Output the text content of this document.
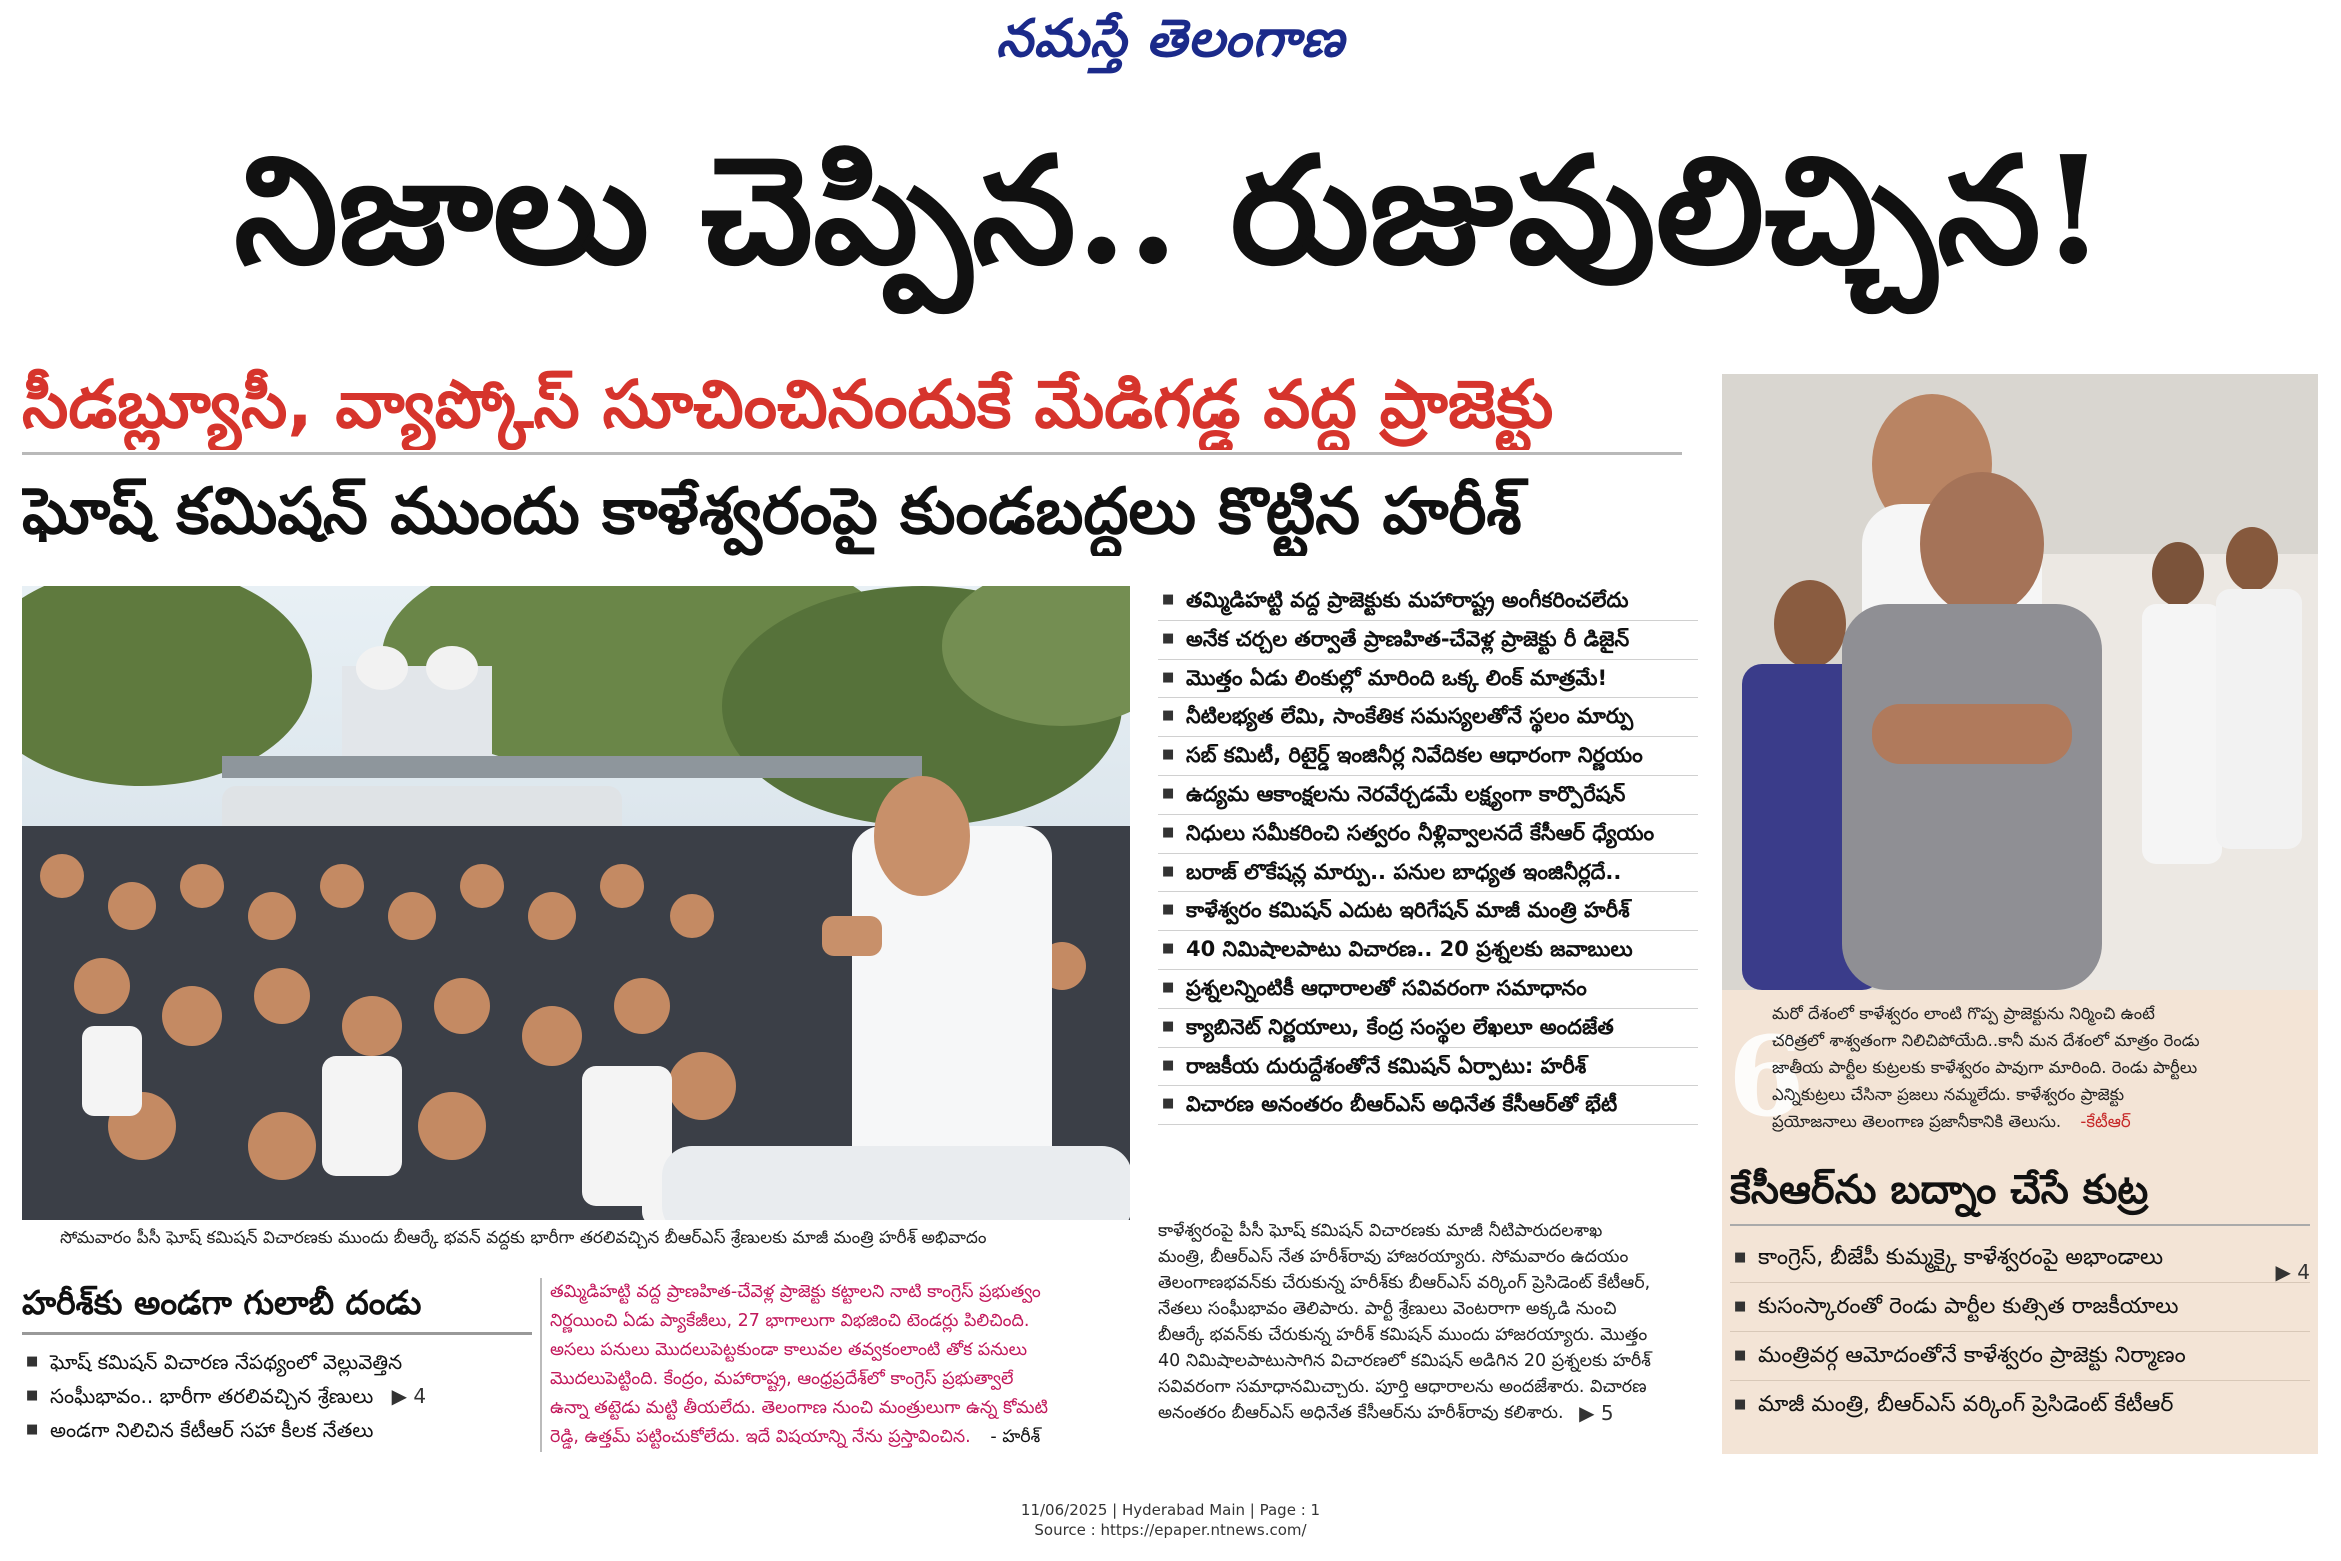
నమస్తే తెలంగాణ
నిజాలు చెప్పిన.. రుజువులిచ్చిన!
సీడబ్ల్యూసీ, వ్యాప్కోస్ సూచించినందుకే మేడిగడ్డ వద్ద ప్రాజెక్టు
ఘోష్ కమిషన్ ముందు కాళేశ్వరంపై కుండబద్దలు కొట్టిన హరీశ్
సోమవారం పీసీ ఘోష్ కమిషన్ విచారణకు ముందు బీఆర్కే భవన్ వద్దకు భారీగా తరలివచ్చిన బీఆర్ఎస్ శ్రేణులకు మాజీ మంత్రి హరీశ్ అభివాదం
■ తమ్మిడిహట్టి వద్ద ప్రాజెక్టుకు మహారాష్ట్ర అంగీకరించలేదు
■ అనేక చర్చల తర్వాతే ప్రాణహిత-చేవెళ్ల ప్రాజెక్టు రీ డిజైన్
■ మొత్తం ఏడు లింకుల్లో మారింది ఒక్క లింక్ మాత్రమే!
■ నీటిలభ్యత లేమి, సాంకేతిక సమస్యలతోనే స్థలం మార్పు
■ సబ్ కమిటీ, రిటైర్డ్ ఇంజినీర్ల నివేదికల ఆధారంగా నిర్ణయం
■ ఉద్యమ ఆకాంక్షలను నెరవేర్చడమే లక్ష్యంగా కార్పొరేషన్
■ నిధులు సమీకరించి సత్వరం నీళ్లివ్వాలనదే కేసీఆర్ ధ్యేయం
■ బరాజ్ లొకేషన్ల మార్పు.. పనుల బాధ్యత ఇంజినీర్లదే..
■ కాళేశ్వరం కమిషన్ ఎదుట ఇరిగేషన్ మాజీ మంత్రి హరీశ్
■ 40 నిమిషాలపాటు విచారణ.. 20 ప్రశ్నలకు జవాబులు
■ ప్రశ్నలన్నింటికీ ఆధారాలతో సవివరంగా సమాధానం
■ క్యాబినెట్ నిర్ణయాలు, కేంద్ర సంస్థల లేఖలూ అందజేత
■ రాజకీయ దురుద్దేశంతోనే కమిషన్ ఏర్పాటు: హరీశ్
■ విచారణ అనంతరం బీఆర్ఎస్ అధినేత కేసీఆర్‌తో భేటీ
కాళేశ్వరంపై పీసీ ఘోష్ కమిషన్ విచారణకు మాజీ నీటిపారుదలశాఖ
మంత్రి, బీఆర్ఎస్ నేత హరీశ్‌రావు హాజరయ్యారు. సోమవారం ఉదయం
తెలంగాణభవన్‌కు చేరుకున్న హరీశ్‌కు బీఆర్ఎస్ వర్కింగ్ ప్రెసిడెంట్ కేటీఆర్,
నేతలు సంఘీభావం తెలిపారు. పార్టీ శ్రేణులు వెంటరాగా అక్కడి నుంచి
బీఆర్కే భవన్‌కు చేరుకున్న హరీశ్ కమిషన్ ముందు హాజరయ్యారు. మొత్తం
40 నిమిషాలపాటుసాగిన విచారణలో కమిషన్ అడిగిన 20 ప్రశ్నలకు హరీశ్
సవివరంగా సమాధానమిచ్చారు. పూర్తి ఆధారాలను అందజేశారు. విచారణ
అనంతరం బీఆర్ఎస్ అధినేత కేసీఆర్‌ను హరీశ్‌రావు కలిశారు. ▶ 5
హరీశ్‌కు అండగా గులాబీ దండు
■ ఘోష్ కమిషన్ విచారణ నేపథ్యంలో వెల్లువెత్తిన
■ సంఘీభావం.. భారీగా తరలివచ్చిన శ్రేణులు ▶ 4
■ అండగా నిలిచిన కేటీఆర్ సహా కీలక నేతలు
తమ్మిడిహట్టి వద్ద ప్రాణహిత-చేవెళ్ల ప్రాజెక్టు కట్టాలని నాటి కాంగ్రెస్ ప్రభుత్వం
నిర్ణయించి ఏడు ప్యాకేజీలు, 27 భాగాలుగా విభజించి టెండర్లు పిలిచింది.
అసలు పనులు మొదలుపెట్టకుండా కాలువల తవ్వకంలాంటి తోక పనులు
మొదలుపెట్టింది. కేంద్రం, మహారాష్ట్ర, ఆంధ్రప్రదేశ్‌లో కాంగ్రెస్ ప్రభుత్వాలే
ఉన్నా తట్టెడు మట్టి తీయలేదు. తెలంగాణ నుంచి మంత్రులుగా ఉన్న కోమటి
రెడ్డి, ఉత్తమ్ పట్టించుకోలేదు. ఇదే విషయాన్ని నేను ప్రస్తావించిన. - హరీశ్
6
మరో దేశంలో కాళేశ్వరం లాంటి గొప్ప ప్రాజెక్టును నిర్మించి ఉంటే
చరిత్రలో శాశ్వతంగా నిలిచిపోయేది..కానీ మన దేశంలో మాత్రం రెండు
జాతీయ పార్టీల కుట్రలకు కాళేశ్వరం పావుగా మారింది. రెండు పార్టీలు
ఎన్నికుట్రలు చేసినా ప్రజలు నమ్మలేదు. కాళేశ్వరం ప్రాజెక్టు
ప్రయోజనాలు తెలంగాణ ప్రజానీకానికి తెలుసు. -కేటీఆర్
కేసీఆర్‌ను బద్నాం చేసే కుట్ర
■ కాంగ్రెస్, బీజేపీ కుమ్మక్కై కాళేశ్వరంపై అభాండాలు
▶ 4
■ కుసంస్కారంతో రెండు పార్టీల కుత్సిత రాజకీయాలు
■ మంత్రివర్గ ఆమోదంతోనే కాళేశ్వరం ప్రాజెక్టు నిర్మాణం
■ మాజీ మంత్రి, బీఆర్ఎస్ వర్కింగ్ ప్రెసిడెంట్ కేటీఆర్
11/06/2025 | Hyderabad Main | Page : 1
Source : https://epaper.ntnews.com/
